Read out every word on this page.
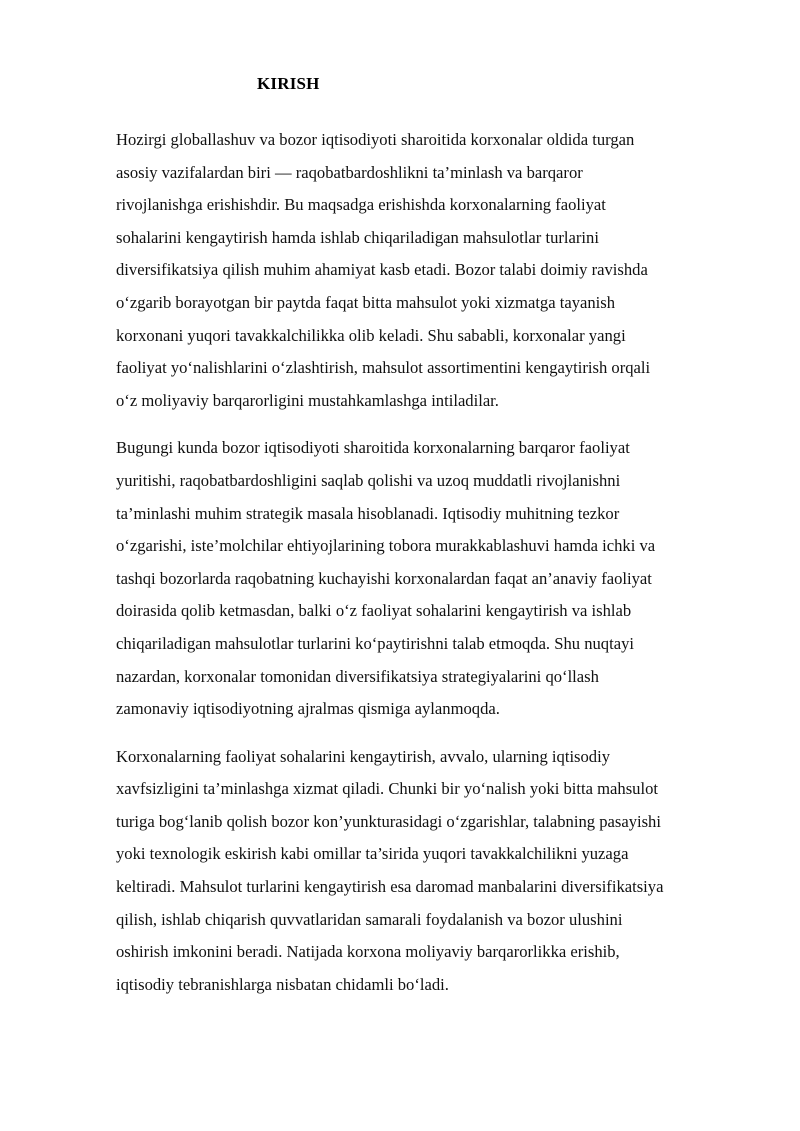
KIRISH

Hozirgi globallashuv va bozor iqtisodiyoti sharoitida korxonalar oldida turgan
asosiy vazifalardan biri — raqobatbardoshlikni ta’minlash va barqaror
rivojlanishga erishishdir. Bu maqsadga erishishda korxonalarning faoliyat
sohalarini kengaytirish hamda ishlab chiqariladigan mahsulotlar turlarini
diversifikatsiya qilish muhim ahamiyat kasb etadi. Bozor talabi doimiy ravishda
o‘zgarib borayotgan bir paytda faqat bitta mahsulot yoki xizmatga tayanish
korxonani yuqori tavakkalchilikka olib keladi. Shu sababli, korxonalar yangi
faoliyat yo‘nalishlarini o‘zlashtirish, mahsulot assortimentini kengaytirish orqali
o‘z moliyaviy barqarorligini mustahkamlashga intiladilar.

Bugungi kunda bozor iqtisodiyoti sharoitida korxonalarning barqaror faoliyat
yuritishi, raqobatbardoshligini saqlab qolishi va uzoq muddatli rivojlanishni
ta’minlashi muhim strategik masala hisoblanadi. Iqtisodiy muhitning tezkor
o‘zgarishi, iste’molchilar ehtiyojlarining tobora murakkablashuvi hamda ichki va
tashqi bozorlarda raqobatning kuchayishi korxonalardan faqat an’anaviy faoliyat
doirasida qolib ketmasdan, balki o‘z faoliyat sohalarini kengaytirish va ishlab
chiqariladigan mahsulotlar turlarini ko‘paytirishni talab etmoqda. Shu nuqtayi
nazardan, korxonalar tomonidan diversifikatsiya strategiyalarini qo‘llash
zamonaviy iqtisodiyotning ajralmas qismiga aylanmoqda.

Korxonalarning faoliyat sohalarini kengaytirish, avvalo, ularning iqtisodiy
xavfsizligini ta’minlashga xizmat qiladi. Chunki bir yo‘nalish yoki bitta mahsulot
turiga bog‘lanib qolish bozor kon’yunkturasidagi o‘zgarishlar, talabning pasayishi
yoki texnologik eskirish kabi omillar ta’sirida yuqori tavakkalchilikni yuzaga
keltiradi. Mahsulot turlarini kengaytirish esa daromad manbalarini diversifikatsiya
qilish, ishlab chiqarish quvvatlaridan samarali foydalanish va bozor ulushini
oshirish imkonini beradi. Natijada korxona moliyaviy barqarorlikka erishib,
iqtisodiy tebranishlarga nisbatan chidamli bo‘ladi.
